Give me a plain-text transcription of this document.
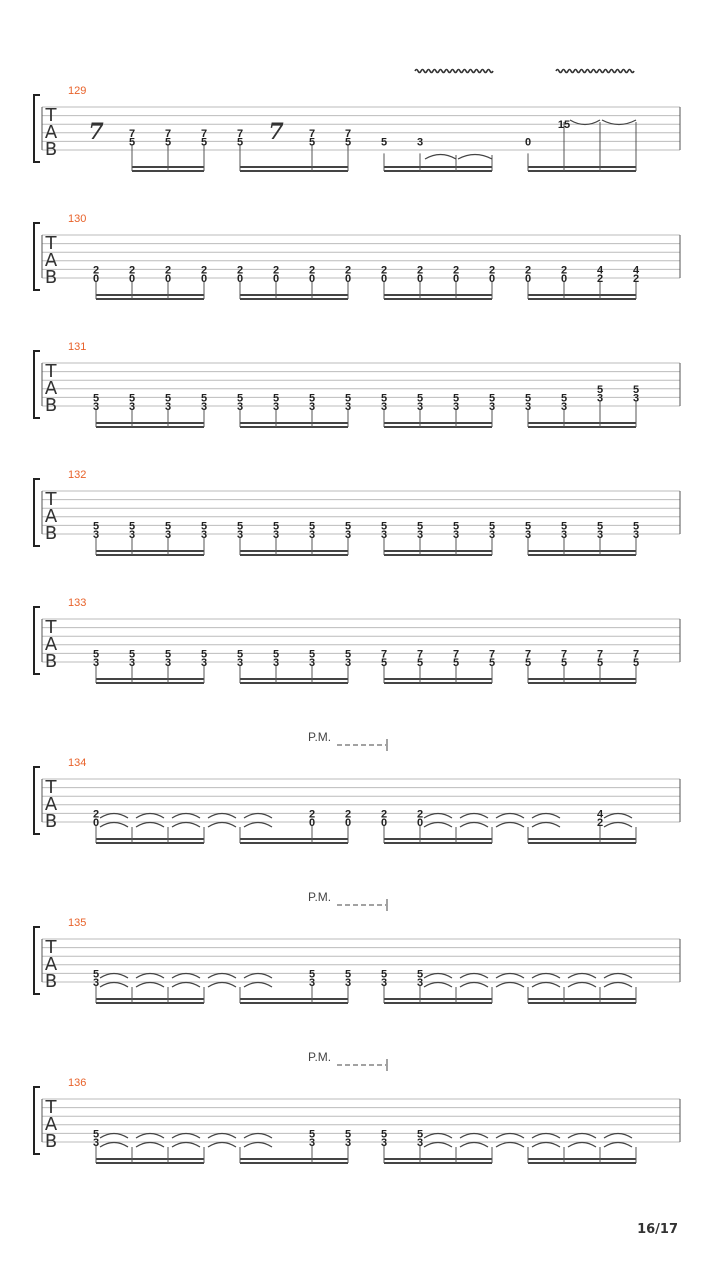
T
A
B
129
7 7
5
7
5
7
5
7
5 7 7
5
7
5	5	3	0
15
T
A
B
130
2
0
2
0
2
0
2
0
2
0
2
0
2
0
2
0
2
0
2
0
2
0
2
0
2
0
2
0
4
2
4
2
T
A
B
131
5
3
5
3
5
3
5
3
5
3
5
3
5
3
5
3
5
3
5
3
5
3
5
3
5
3
5
3
5
3
5
3
T
A
B
132
5
3
5
3
5
3
5
3
5
3
5
3
5
3
5
3
5
3
5
3
5
3
5
3
5
3
5
3
5
3
5
3
T
A
B
133
5
3
5
3
5
3
5
3
5
3
5
3
5
3
5
3
7
5
7
5
7
5
7
5
7
5
7
5
7
5
7
5
T
A
B
134
P.M.
2
0
2
0
2
0
2
0
2
0
4
2
T
A
B
135
P.M.
5
3
5
3
5
3
5
3
5
3
T
A
B
136
P.M.
5
3
5
3
5
3
5
3
5
3
16/17
